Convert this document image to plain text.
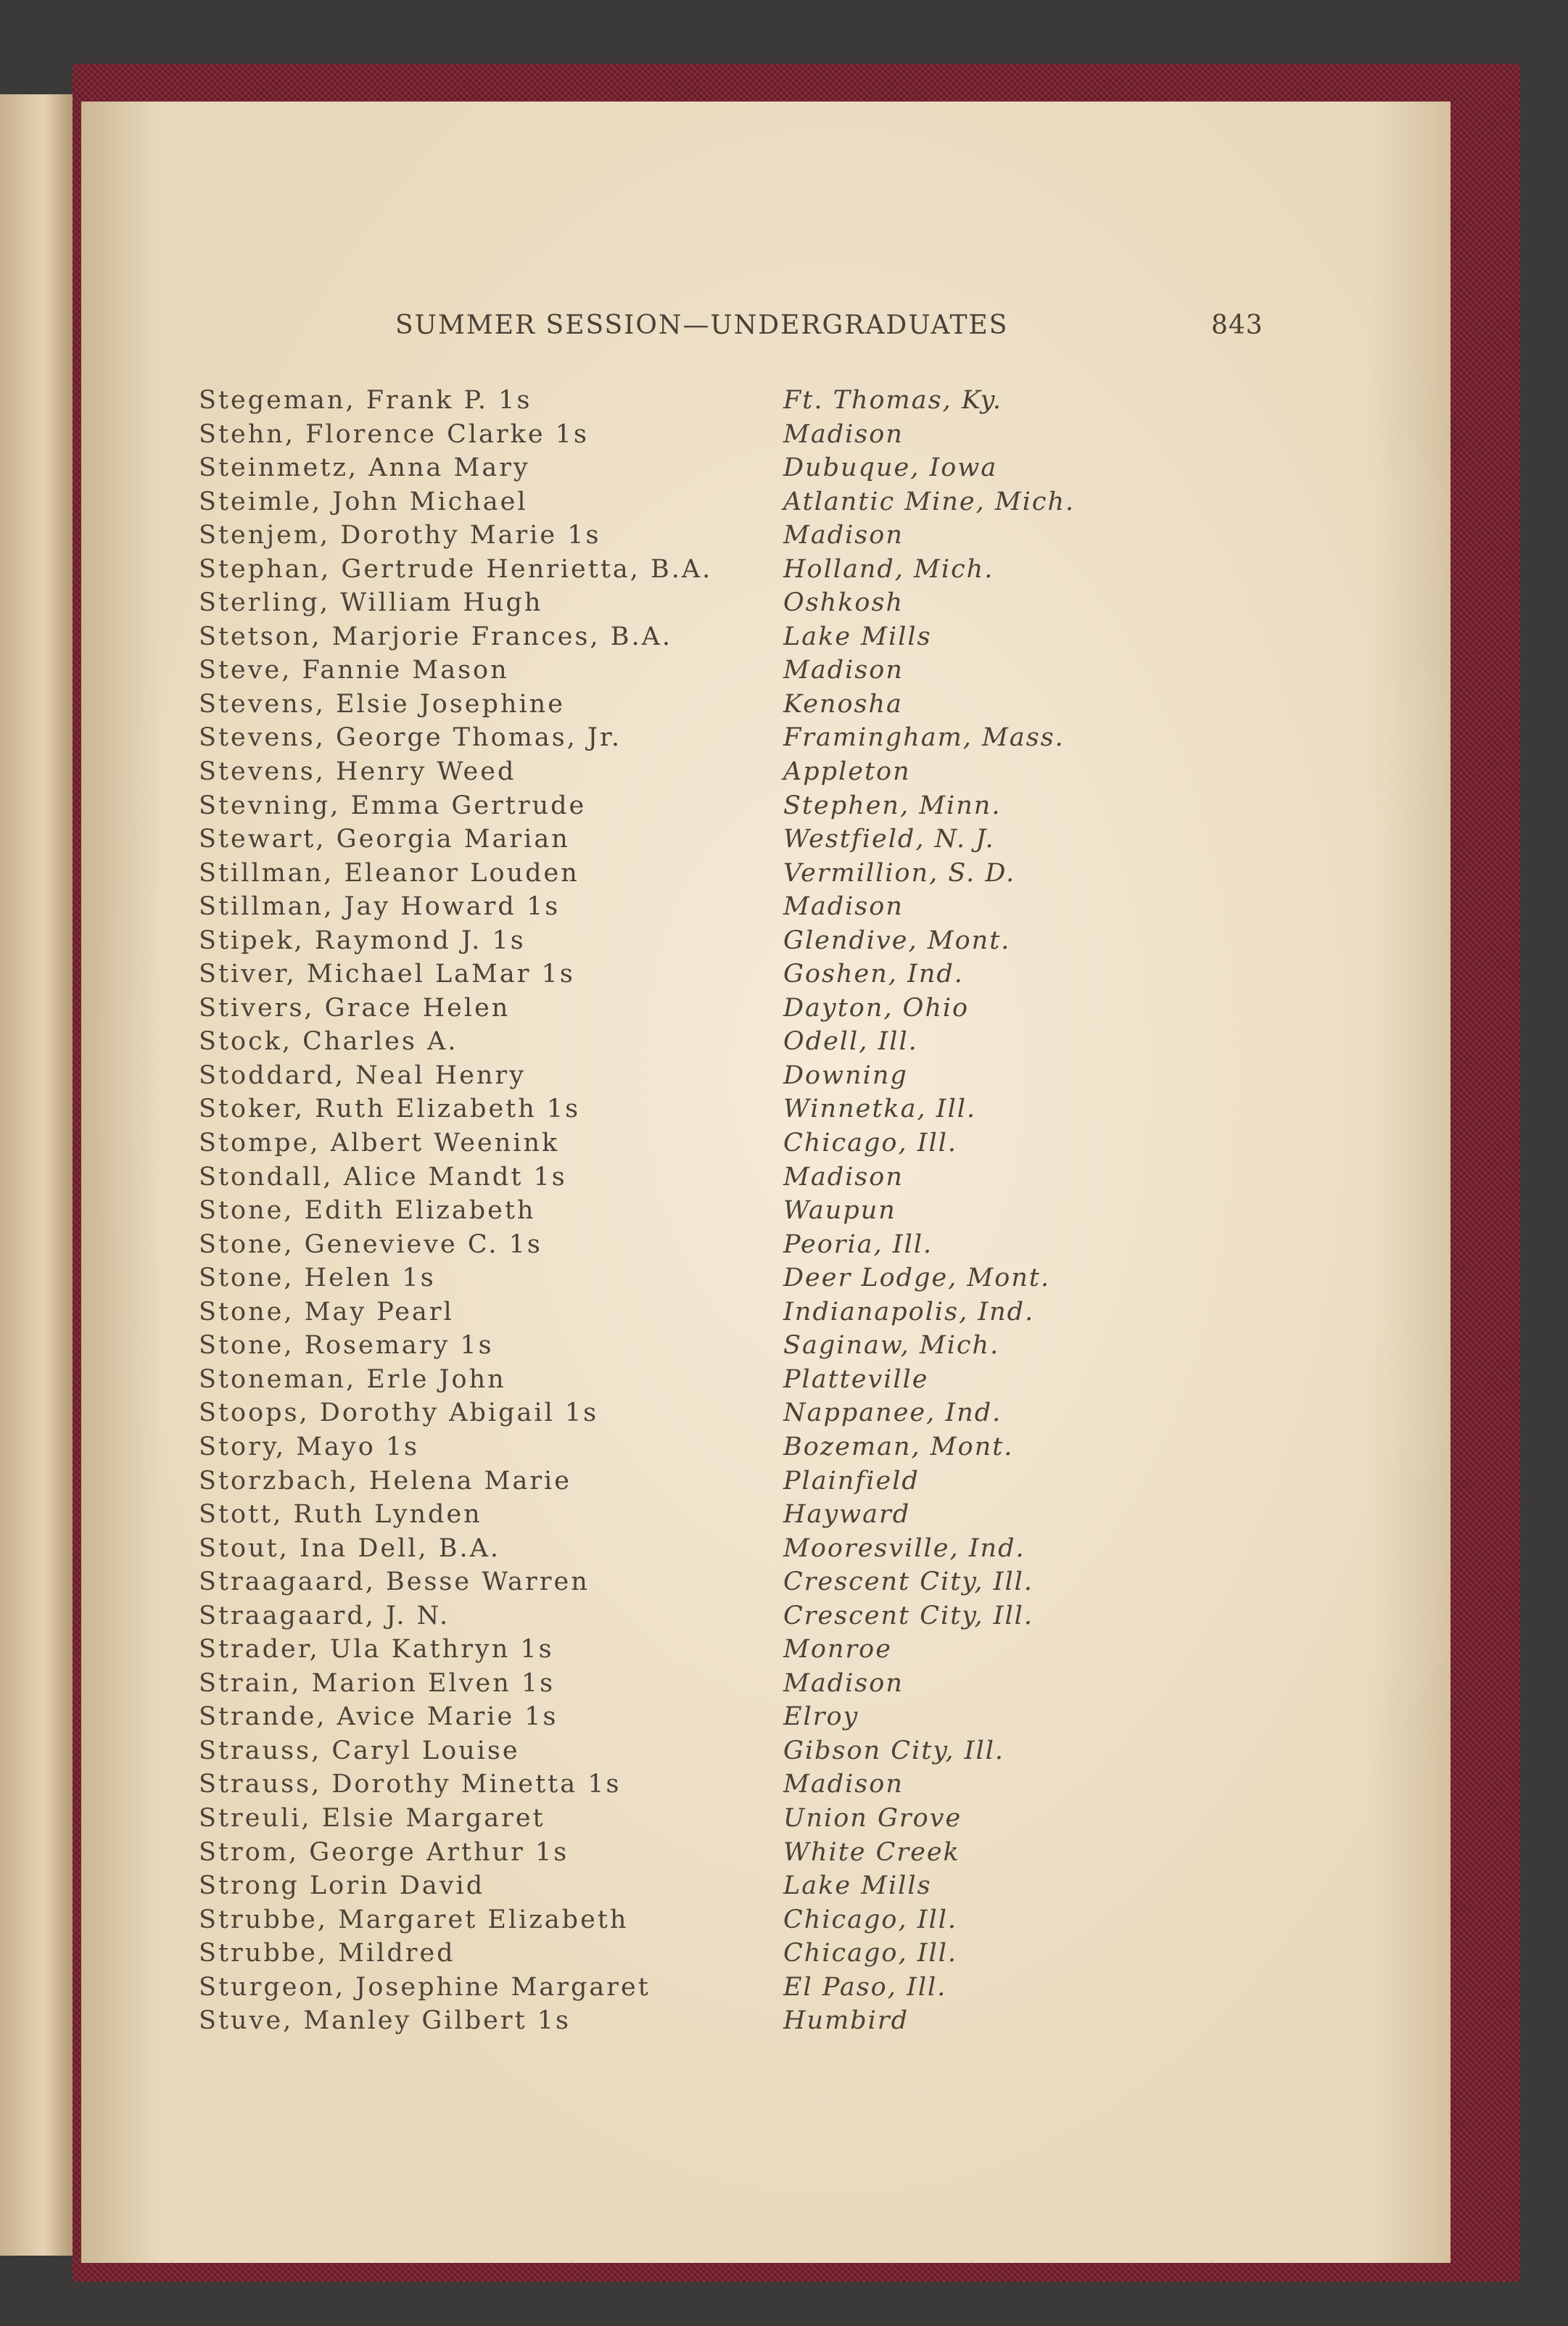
SUMMER SESSION—UNDERGRADUATES	843
Stegeman, Frank P. 1s	Ft. Thomas, Ky.
Stehn, Florence Clarke 1s	Madison
Steinmetz, Anna Mary	Dubuque, Iowa
Steimle, John Michael	Atlantic Mine, Mich.
Stenjem, Dorothy Marie 1s	Madison
Stephan, Gertrude Henrietta, B.A.	Holland, Mich.
Sterling, William Hugh	Oshkosh
Stetson, Marjorie Frances, B.A.	Lake Mills
Steve, Fannie Mason	Madison
Stevens, Elsie Josephine	Kenosha
Stevens, George Thomas, Jr.	Framingham, Mass.
Stevens, Henry Weed	Appleton
Stevning, Emma Gertrude	Stephen, Minn.
Stewart, Georgia Marian	Westfield, N. J.
Stillman, Eleanor Louden	Vermillion, S. D.
Stillman, Jay Howard 1s	Madison
Stipek, Raymond J. 1s	Glendive, Mont.
Stiver, Michael LaMar 1s	Goshen, Ind.
Stivers, Grace Helen	Dayton, Ohio
Stock, Charles A.	Odell, Ill.
Stoddard, Neal Henry	Downing
Stoker, Ruth Elizabeth 1s	Winnetka, Ill.
Stompe, Albert Weenink	Chicago, Ill.
Stondall, Alice Mandt 1s	Madison
Stone, Edith Elizabeth	Waupun
Stone, Genevieve C. 1s	Peoria, Ill.
Stone, Helen 1s	Deer Lodge, Mont.
Stone, May Pearl	Indianapolis, Ind.
Stone, Rosemary 1s	Saginaw, Mich.
Stoneman, Erle John	Platteville
Stoops, Dorothy Abigail 1s	Nappanee, Ind.
Story, Mayo 1s	Bozeman, Mont.
Storzbach, Helena Marie	Plainfield
Stott, Ruth Lynden	Hayward
Stout, Ina Dell, B.A.	Mooresville, Ind.
Straagaard, Besse Warren	Crescent City, Ill.
Straagaard, J. N.	Crescent City, Ill.
Strader, Ula Kathryn 1s	Monroe
Strain, Marion Elven 1s	Madison
Strande, Avice Marie 1s	Elroy
Strauss, Caryl Louise	Gibson City, Ill.
Strauss, Dorothy Minetta 1s	Madison
Streuli, Elsie Margaret	Union Grove
Strom, George Arthur 1s	White Creek
Strong Lorin David	Lake Mills
Strubbe, Margaret Elizabeth	Chicago, Ill.
Strubbe, Mildred	Chicago, Ill.
Sturgeon, Josephine Margaret	El Paso, Ill.
Stuve, Manley Gilbert 1s	Humbird
